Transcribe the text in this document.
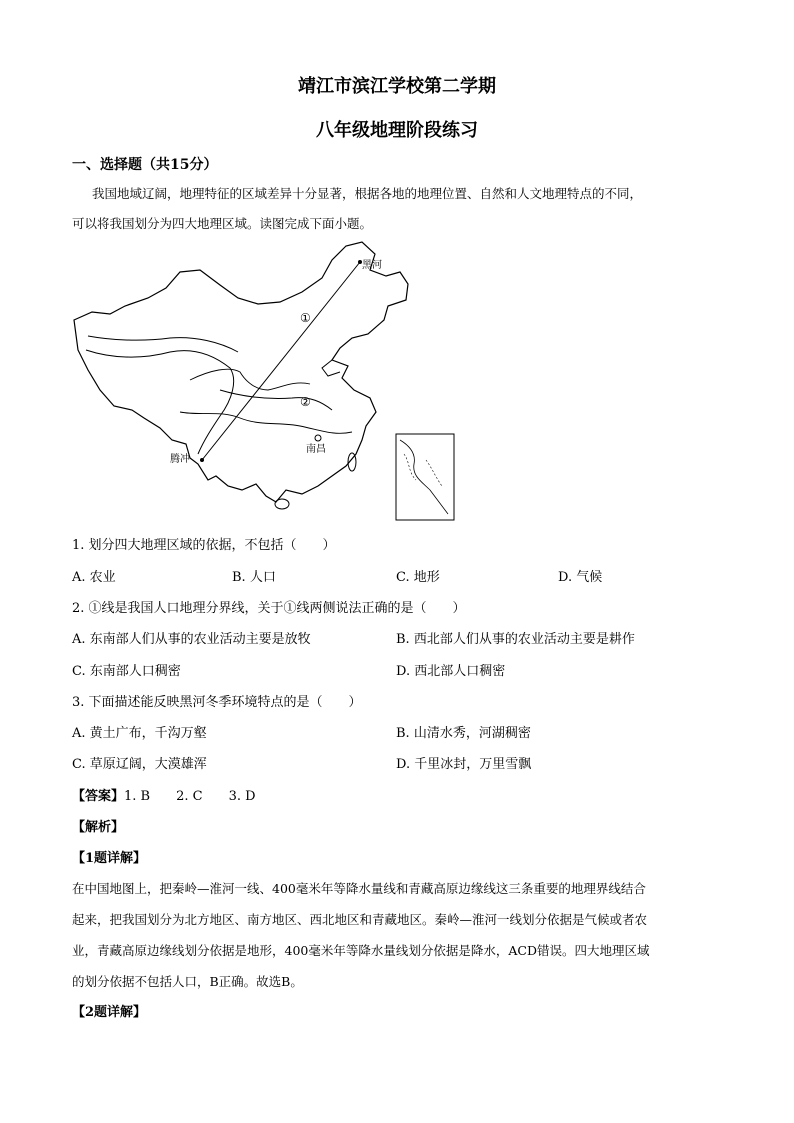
靖江市滨江学校第二学期
八年级地理阶段练习
一、选择题（共15分）
我国地域辽阔，地理特征的区域差异十分显著，根据各地的地理位置、自然和人文地理特点的不同，
可以将我国划分为四大地理区域。读图完成下面小题。
①
②
黑河
腾冲
南昌
1. 划分四大地理区域的依据，不包括（　　）
A. 农业	B. 人口	C. 地形	D. 气候
2. ①线是我国人口地理分界线，关于①线两侧说法正确的是（　　）
A. 东南部人们从事的农业活动主要是放牧	B. 西北部人们从事的农业活动主要是耕作
C. 东南部人口稠密	D. 西北部人口稠密
3. 下面描述能反映黑河冬季环境特点的是（　　）
A. 黄土广布，千沟万壑	B. 山清水秀，河湖稠密
C. 草原辽阔，大漠雄浑	D. 千里冰封，万里雪飘
【答案】1. B　　2. C　　3. D
【解析】
【1题详解】
在中国地图上，把秦岭—淮河一线、400毫米年等降水量线和青藏高原边缘线这三条重要的地理界线结合
起来，把我国划分为北方地区、南方地区、西北地区和青藏地区。秦岭—淮河一线划分依据是气候或者农
业，青藏高原边缘线划分依据是地形，400毫米年等降水量线划分依据是降水，ACD错误。四大地理区域
的划分依据不包括人口，B正确。故选B。
【2题详解】
